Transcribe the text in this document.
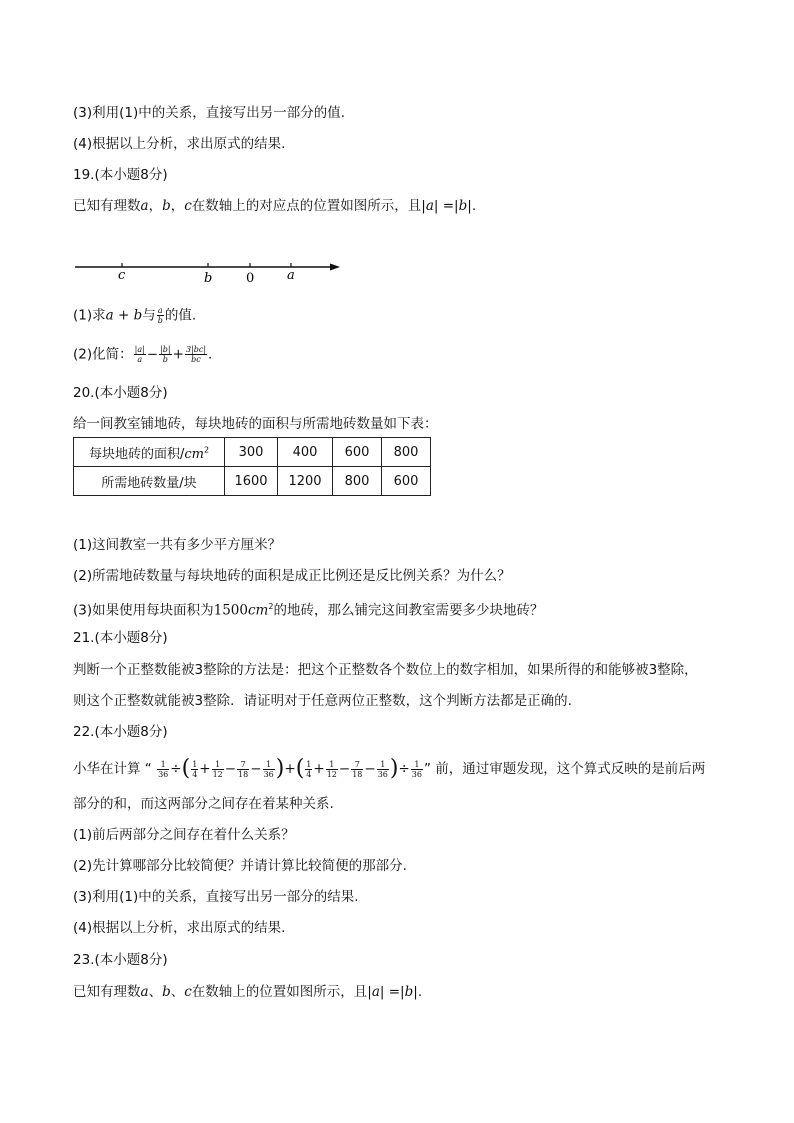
(3)利用(1)中的关系，直接写出另一部分的值.
(4)根据以上分析，求出原式的结果.
19.(本小题8分)
已知有理数a，b，c在数轴上的对应点的位置如图所示，且|a| =|b|.
c	b	0	a
(1)求a + b与 $\frac{a}{b}$ 的值.
(2)化简： $\frac{|a|}{a} - \frac{|b|}{b} + \frac{3|bc|}{bc}$ .
20.(本小题8分)
给一间教室铺地砖，每块地砖的面积与所需地砖数量如下表：
每块地砖的面积$/cm^2$	300	400	600	800
所需地砖数量/块	1600	1200	800	600
(1)这间教室一共有多少平方厘米？
(2)所需地砖数量与每块地砖的面积是成正比例还是反比例关系？为什么？
(3)如果使用每块面积为$1500cm^2$的地砖，那么铺完这间教室需要多少块地砖？
21.(本小题8分)
判断一个正整数能被3整除的方法是：把这个正整数各个数位上的数字相加，如果所得的和能够被3整除，
则这个正整数就能被3整除．请证明对于任意两位正整数，这个判断方法都是正确的.
22.(本小题8分)
小华在计算 “ $\frac{1}{36}$ ÷( $\frac{1}{4} + \frac{1}{12} - \frac{7}{18} - \frac{1}{36}$ )+( $\frac{1}{4} + \frac{1}{12} - \frac{7}{18} - \frac{1}{36}$ )÷ $\frac{1}{36}$ ” 前，通过审题发现，这个算式反映的是前后两
部分的和，而这两部分之间存在着某种关系.
(1)前后两部分之间存在着什么关系？
(2)先计算哪部分比较简便？并请计算比较简便的那部分.
(3)利用(1)中的关系，直接写出另一部分的结果.
(4)根据以上分析，求出原式的结果.
23.(本小题8分)
已知有理数a、b、c在数轴上的位置如图所示，且|a| =|b|.
